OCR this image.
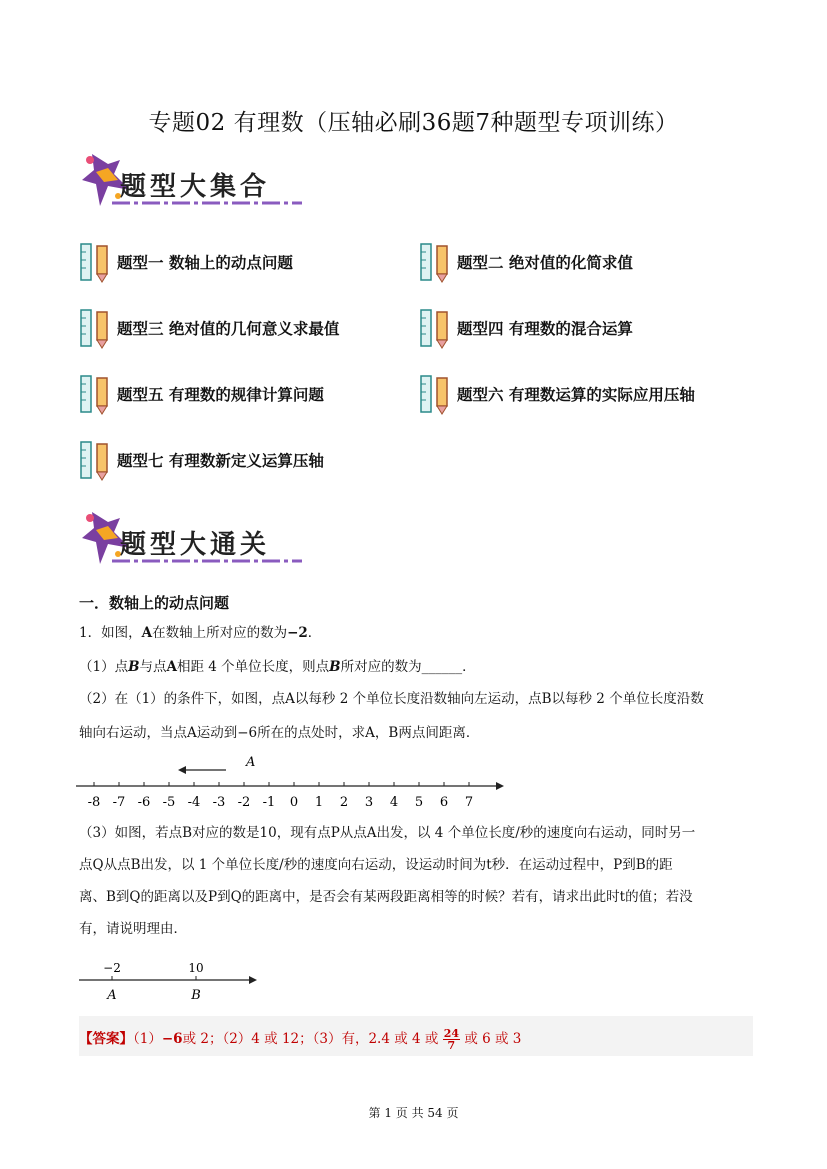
专题02 有理数（压轴必刷36题7种题型专项训练）
题型大集合
题型一 数轴上的动点问题	题型二 绝对值的化简求值
题型三 绝对值的几何意义求最值	题型四 有理数的混合运算
题型五 有理数的规律计算问题	题型六 有理数运算的实际应用压轴
题型七 有理数新定义运算压轴
题型大通关
一．数轴上的动点问题
1．如图，A在数轴上所对应的数为−2．
（1）点B与点A相距 4 个单位长度，则点B所对应的数为______．
（2）在（1）的条件下，如图，点A以每秒 2 个单位长度沿数轴向左运动，点B以每秒 2 个单位长度沿数
轴向右运动，当点A运动到−6所在的点处时，求A，B两点间距离．
A
-8 -7 -6 -5 -4 -3 -2 -1 0 1 2 3 4 5 6 7
（3）如图，若点B对应的数是10，现有点P从点A出发，以 4 个单位长度/秒的速度向右运动，同时另一
点Q从点B出发，以 1 个单位长度/秒的速度向右运动，设运动时间为t秒．在运动过程中，P到B的距
离、B到Q的距离以及P到Q的距离中，是否会有某两段距离相等的时候？若有，请求出此时t的值；若没
有，请说明理由．
−2	10
A	B
【答案】（1）−6或 2；（2）4 或 12；（3）有，2.4 或 4 或 $\frac{24}{7}$ 或 6 或 3
第 1 页 共 54 页
